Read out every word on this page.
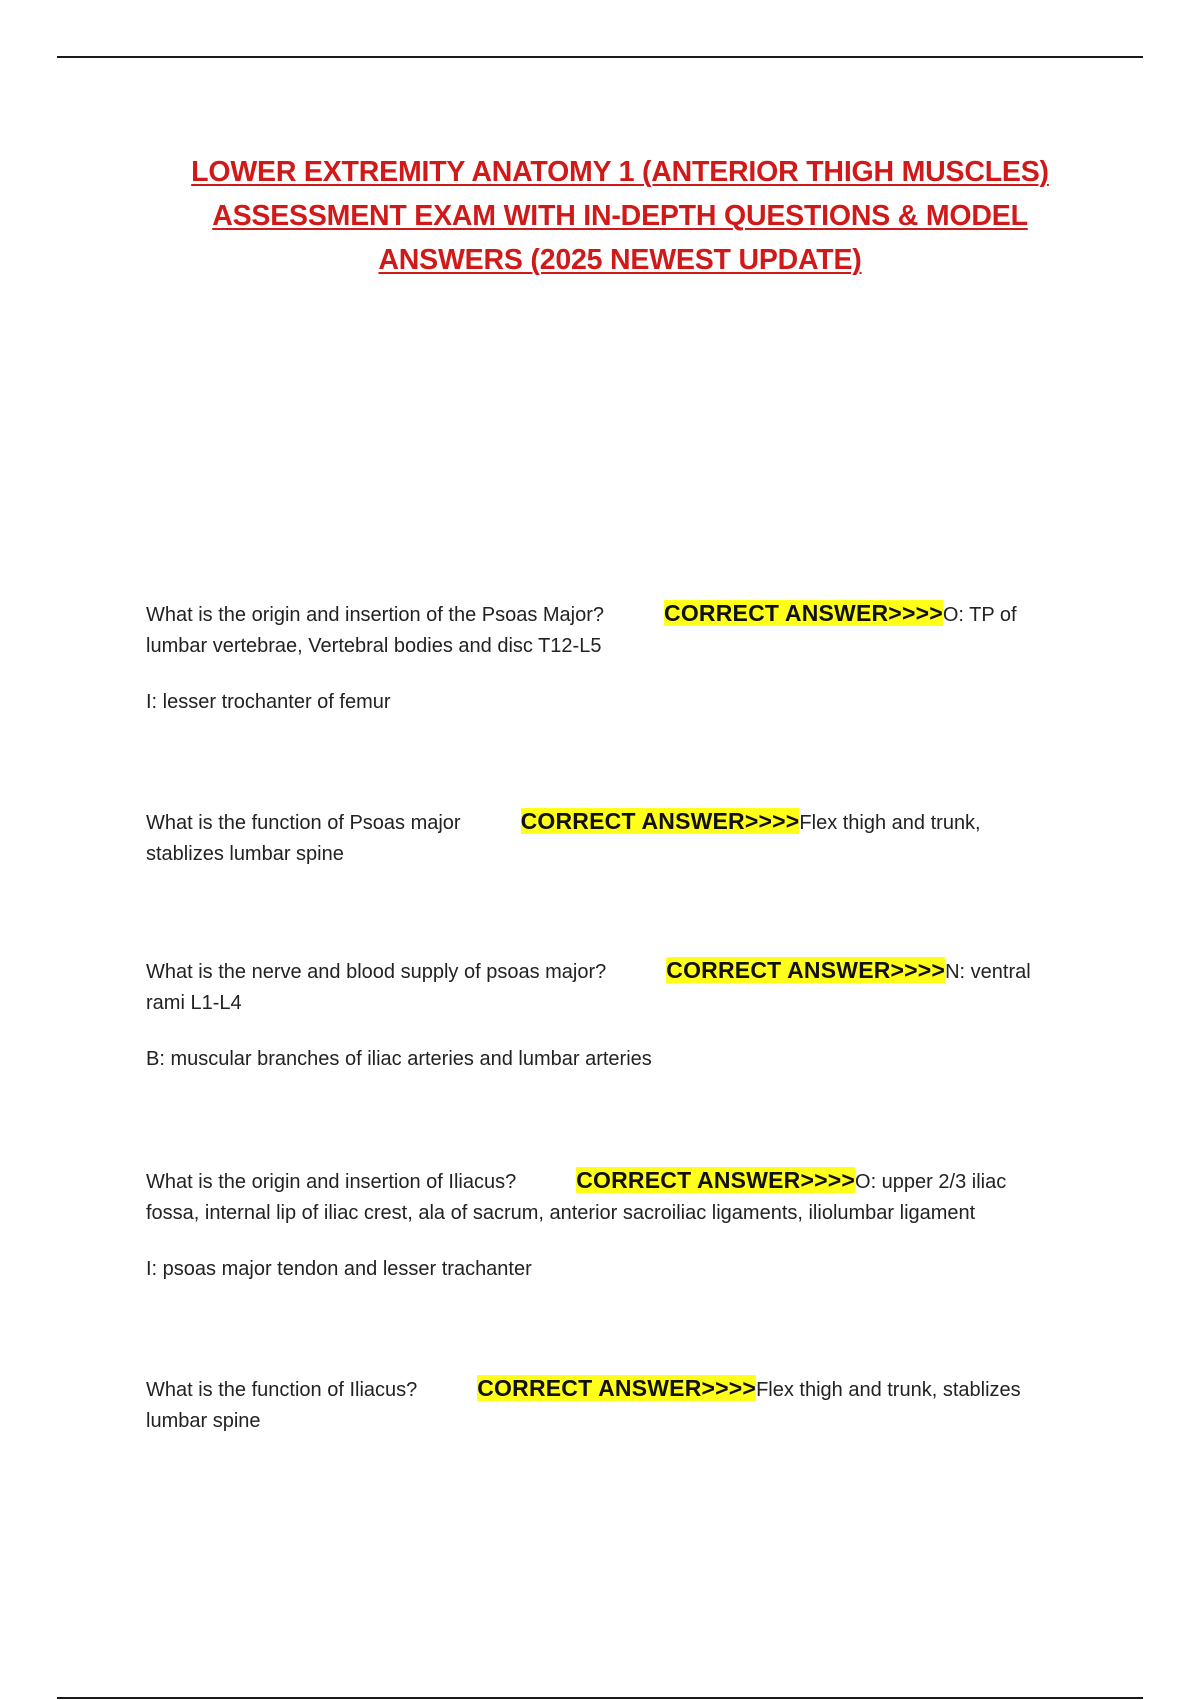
LOWER EXTREMITY ANATOMY 1 (ANTERIOR THIGH MUSCLES)
ASSESSMENT EXAM WITH IN-DEPTH QUESTIONS & MODEL
ANSWERS (2025 NEWEST UPDATE)
What is the origin and insertion of the Psoas Major?	CORRECT ANSWER>>>>O: TP of
lumbar vertebrae, Vertebral bodies and disc T12-L5
I: lesser trochanter of femur
What is the function of Psoas major	CORRECT ANSWER>>>>Flex thigh and trunk,
stablizes lumbar spine
What is the nerve and blood supply of psoas major?	CORRECT ANSWER>>>>N: ventral
rami L1-L4
B: muscular branches of iliac arteries and lumbar arteries
What is the origin and insertion of Iliacus?	CORRECT ANSWER>>>>O: upper 2/3 iliac
fossa, internal lip of iliac crest, ala of sacrum, anterior sacroiliac ligaments, iliolumbar ligament
I: psoas major tendon and lesser trachanter
What is the function of Iliacus?	CORRECT ANSWER>>>>Flex thigh and trunk, stablizes
lumbar spine
